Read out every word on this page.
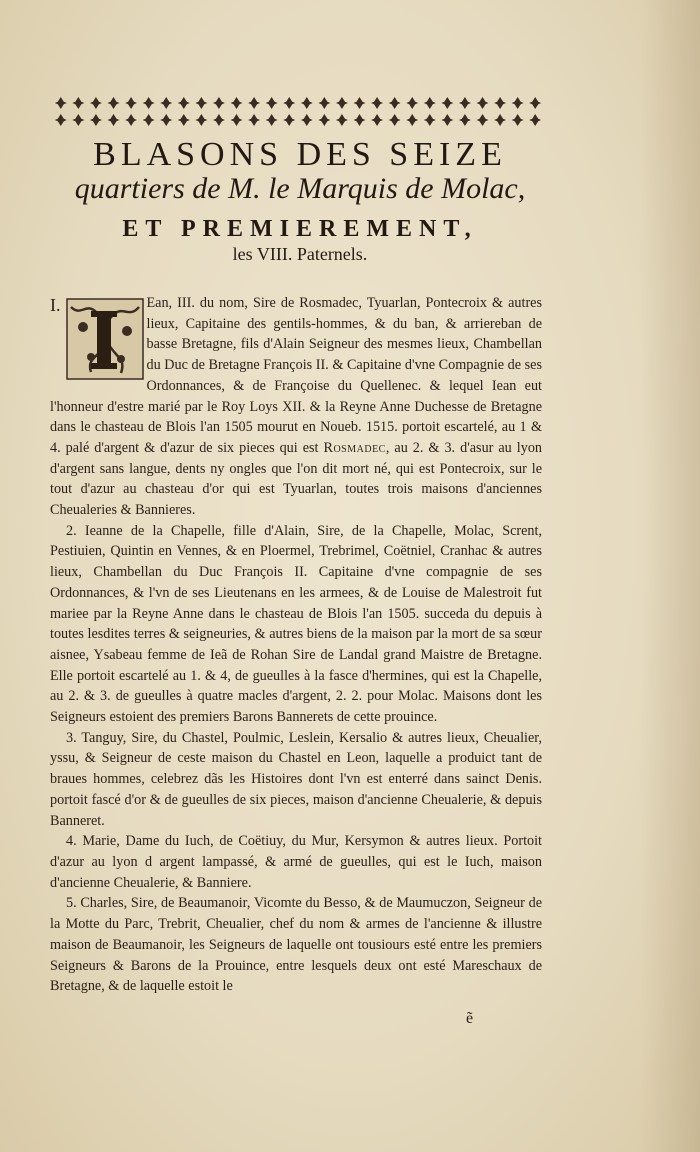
BLASONS DES SEIZE
quartiers de M. le Marquis de Molac,
ET PREMIEREMENT,
les VIII. Paternels.

I.	Ean, III. du nom, Sire de Rosmadec, Tyuarlan, Pontecroix & autres lieux, Capitaine des gentils-hommes, & du ban, & arriereban de basse Bretagne, fils d'Alain Seigneur des mesmes lieux, Chambellan du Duc de Bretagne François II. & Capitaine d'vne Compagnie de ses Ordonnances, & de Françoise du Quellenec. & lequel Iean eut l'honneur d'estre marié par le Roy Loys XII. & la Reyne Anne Duchesse de Bretagne dans le chasteau de Blois l'an 1505 mourut en Noueb. 1515. portoit escartelé, au 1 & 4. palé d'argent & d'azur de six pieces qui est Rosmadec, au 2. & 3. d'asur au lyon d'argent sans langue, dents ny ongles que l'on dit mort né, qui est Pontecroix, sur le tout d'azur au chasteau d'or qui est Tyuarlan, toutes trois maisons d'anciennes Cheualeries & Bannieres.

2. Ieanne de la Chapelle, fille d'Alain, Sire, de la Chapelle, Molac, Scrent, Pestiuien, Quintin en Vennes, & en Ploermel, Trebrimel, Coëtniel, Cranhac & autres lieux, Chambellan du Duc François II. Capitaine d'vne compagnie de ses Ordonnances, & l'vn de ses Lieutenans en les armees, & de Louise de Malestroit fut mariee par la Reyne Anne dans le chasteau de Blois l'an 1505. succeda du depuis à toutes lesdites terres & seigneuries, & autres biens de la maison par la mort de sa sœur aisnee, Ysabeau femme de Ieã de Rohan Sire de Landal grand Maistre de Bretagne. Elle portoit escartelé au 1. & 4, de gueulles à la fasce d'hermines, qui est la Chapelle, au 2. & 3. de gueulles à quatre macles d'argent, 2. 2. pour Molac. Maisons dont les Seigneurs estoient des premiers Barons Bannerets de cette prouince.

3. Tanguy, Sire, du Chastel, Poulmic, Leslein, Kersalio & autres lieux, Cheualier, yssu, & Seigneur de ceste maison du Chastel en Leon, laquelle a produict tant de braues hommes, celebrez dãs les Histoires dont l'vn est enterré dans sainct Denis. portoit fascé d'or & de gueulles de six pieces, maison d'ancienne Cheualerie, & depuis Banneret.

4. Marie, Dame du Iuch, de Coëtiuy, du Mur, Kersymon & autres lieux. Portoit d'azur au lyon d argent lampassé, & armé de gueulles, qui est le Iuch, maison d'ancienne Cheualerie, & Banniere.

5. Charles, Sire, de Beaumanoir, Vicomte du Besso, & de Maumuczon, Seigneur de la Motte du Parc, Trebrit, Cheualier, chef du nom & armes de l'ancienne & illustre maison de Beaumanoir, les Seigneurs de laquelle ont tousiours esté entre les premiers Seigneurs & Barons de la Prouince, entre lesquels deux ont esté Mareschaux de Bretagne, & de laquelle estoit le

ẽ
